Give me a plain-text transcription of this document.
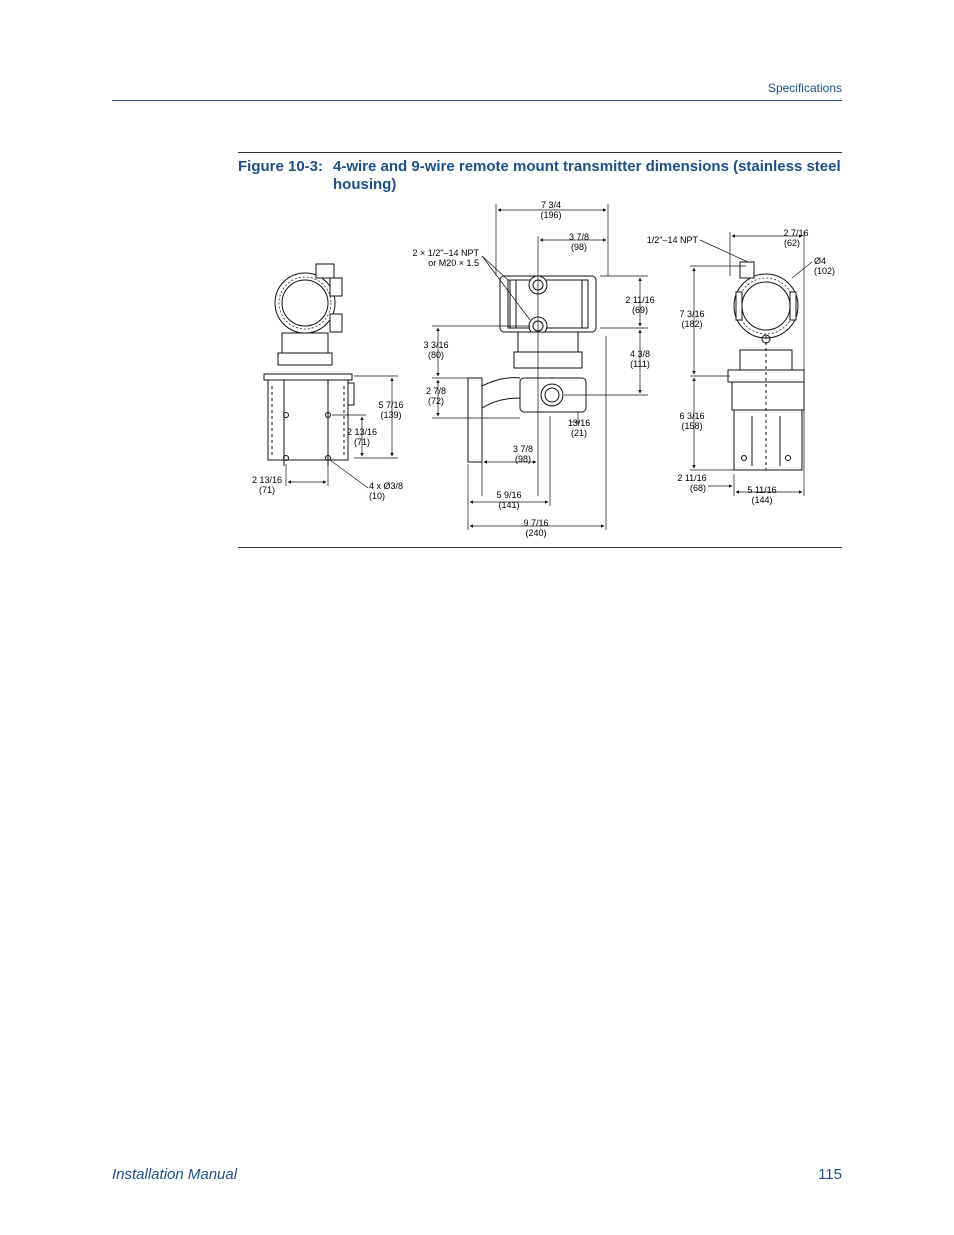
Specifications
Figure 10-3: 4-wire and 9-wire remote mount transmitter dimensions (stainless steel housing)
5 7/16
(139)
2 13/16
(71)
2 13/16
(71)	4 x Ø3/8
(10)
2 × 1/2"–14 NPT
or M20 × 1.5
7 3/4
(196)
3 7/8
(98)
2 11/16
(69)
3 3/16
(80)	4 3/8
(111)
2 7/8
(72)
13/16
(21)
3 7/8
(98)
5 9/16
(141)
9 7/16
(240)
1/2"–14 NPT
2 7/16
(62)
Ø4
(102)
7 3/16
(182)
6 3/16
(158)
2 11/16
(68)	5 11/16
(144)
Installation Manual	115
